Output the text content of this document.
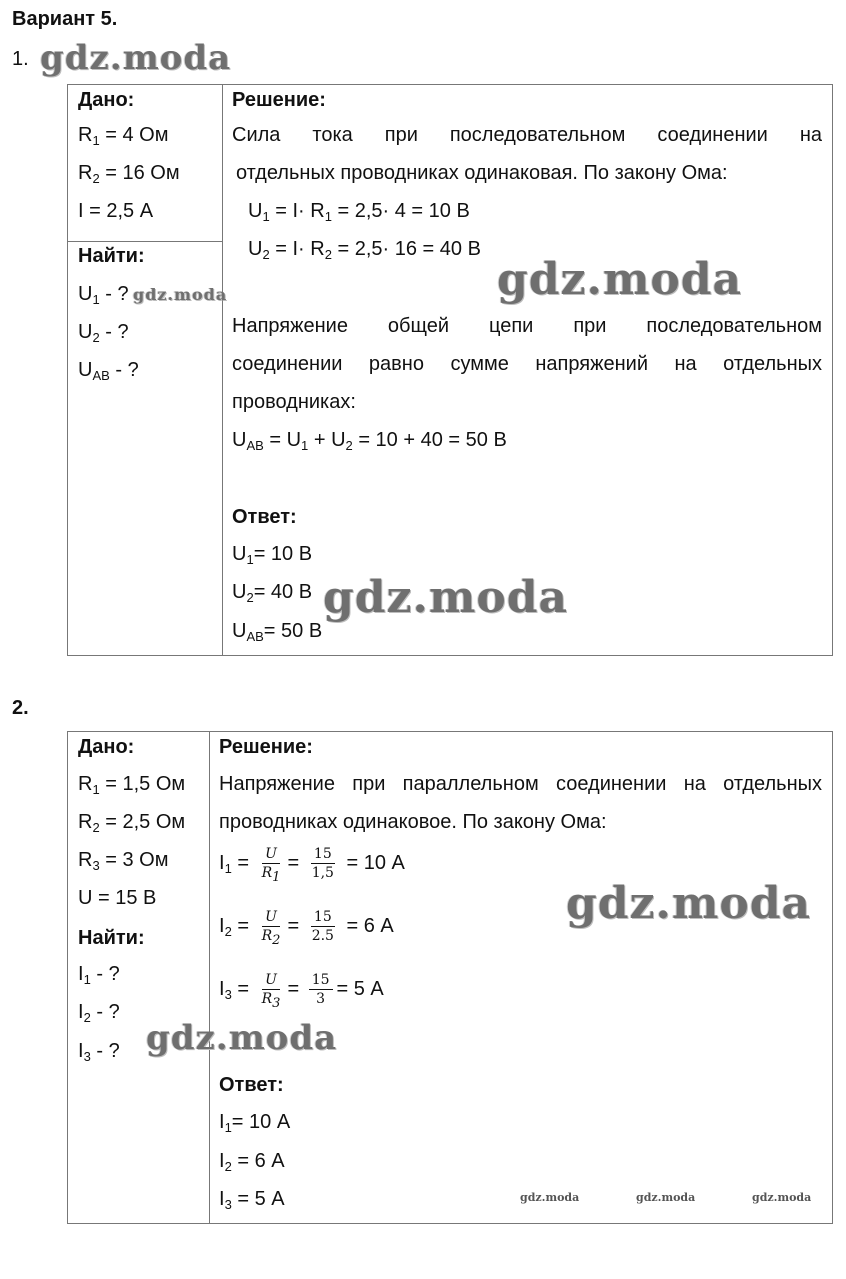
Вариант 5.
1. gdz.moda
Дано:
$R_1 = 4$ Ом
$R_2 = 16$ Ом
I = 2,5 А
Найти:
$U_1$ - ? gdz.moda
$U_2$ - ?
$U_{AB}$ - ?
Решение:
Сила тока при последовательном соединении на
отдельных проводниках одинаковая. По закону Ома:
$U_1 = I\cdot R_1 = 2,5\cdot 4 = 10$ В
$U_2 = I\cdot R_2 = 2,5\cdot 16 = 40$ В
gdz.moda
Напряжение общей цепи при последовательном
соединении равно сумме напряжений на отдельных
проводниках:
$U_{AB} = U_1 + U_2 = 10 + 40 = 50$ В
Ответ:
$U_1= 10$ В
$U_2= 40$ В gdz.moda
$U_{AB}= 50$ В
2.
Дано:
$R_1 = 1,5$ Ом
$R_2 = 2,5$ Ом
$R_3 = 3$ Ом
U = 15 В
Найти:
$I_1$ - ?
$I_2$ - ?
$I_3$ - ? gdz.moda
Решение:
Напряжение при параллельном соединении на отдельных
проводниках одинаковое. По закону Ома:
$I_1 = \frac{U}{R_1} = \frac{15}{1,5} = 10$ А
$I_2 = \frac{U}{R_2} = \frac{15}{2.5} = 6$ А
$I_3 = \frac{U}{R_3} = \frac{15}{3} = 5$ А
gdz.moda
Ответ:
$I_1= 10$ А
$I_2 = 6$ А
$I_3 = 5$ А	gdz.moda	gdz.moda	gdz.moda
